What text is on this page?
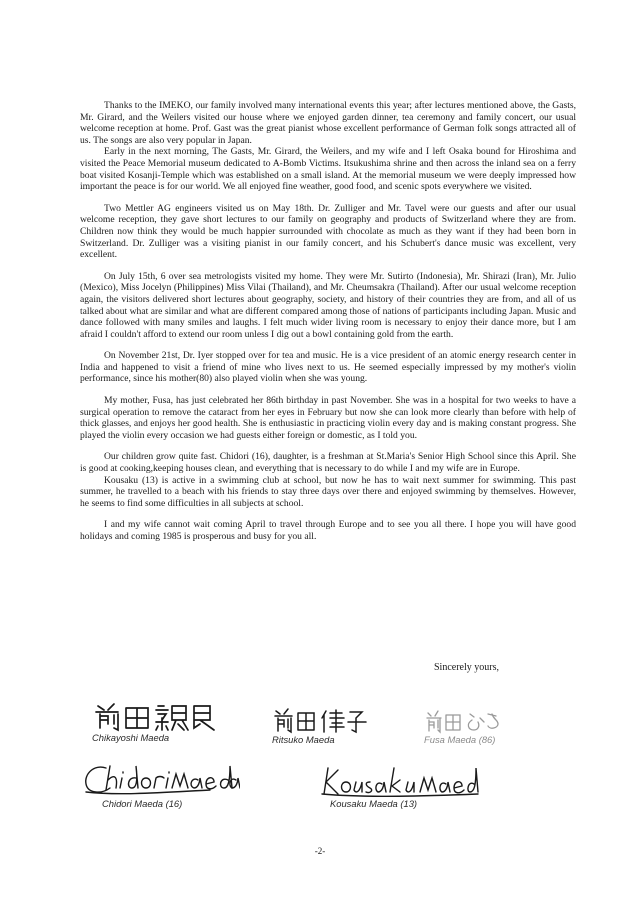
Thanks to the IMEKO, our family involved many international events this year; after lectures mentioned above, the Gasts, Mr. Girard, and the Weilers visited our house where we enjoyed garden dinner, tea ceremony and family concert, our usual welcome reception at home. Prof. Gast was the great pianist whose excellent performance of German folk songs attracted all of us. The songs are also very popular in Japan.

Early in the next morning, The Gasts, Mr. Girard, the Weilers, and my wife and I left Osaka bound for Hiroshima and visited the Peace Memorial museum dedicated to A-Bomb Victims. Itsukushima shrine and then across the inland sea on a ferry boat visited Kosanji-Temple which was established on a small island. At the memorial museum we were deeply impressed how important the peace is for our world. We all enjoyed fine weather, good food, and scenic spots everywhere we visited.

Two Mettler AG engineers visited us on May 18th. Dr. Zulliger and Mr. Tavel were our guests and after our usual welcome reception, they gave short lectures to our family on geography and products of Switzerland where they are from. Children now think they would be much happier surrounded with chocolate as much as they want if they had been born in Switzerland. Dr. Zulliger was a visiting pianist in our family concert, and his Schubert's dance music was excellent, very excellent.

On July 15th, 6 over sea metrologists visited my home. They were Mr. Sutirto (Indonesia), Mr. Shirazi (Iran), Mr. Julio (Mexico), Miss Jocelyn (Philippines) Miss Vilai (Thailand), and Mr. Cheumsakra (Thailand). After our usual welcome reception again, the visitors delivered short lectures about geography, society, and history of their countries they are from, and all of us talked about what are similar and what are different compared among those of nations of participants including Japan. Music and dance followed with many smiles and laughs. I felt much wider living room is necessary to enjoy their dance more, but I am afraid I couldn't afford to extend our room unless I dig out a bowl containing gold from the earth.

On November 21st, Dr. Iyer stopped over for tea and music. He is a vice president of an atomic energy research center in India and happened to visit a friend of mine who lives next to us. He seemed especially impressed by my mother's violin performance, since his mother(80) also played violin when she was young.

My mother, Fusa, has just celebrated her 86th birthday in past November. She was in a hospital for two weeks to have a surgical operation to remove the cataract from her eyes in February but now she can look more clearly than before with help of thick glasses, and enjoys her good health. She is enthusiastic in practicing violin every day and is making constant progress. She played the violin every occasion we had guests either foreign or domestic, as I told you.

Our children grow quite fast. Chidori (16), daughter, is a freshman at St.Maria's Senior High School since this April. She is good at cooking,keeping houses clean, and everything that is necessary to do while I and my wife are in Europe.

Kousaku (13) is active in a swimming club at school, but now he has to wait next summer for swimming. This past summer, he travelled to a beach with his friends to stay three days over there and enjoyed swimming by themselves. However, he seems to find some difficulties in all subjects at school.

I and my wife cannot wait coming April to travel through Europe and to see you all there. I hope you will have good holidays and coming 1985 is prosperous and busy for you all.

Sincerely yours,
Chikayoshi Maeda	Ritsuko Maeda	Fusa Maeda (86)
Chidori Maeda (16)	Kousaku Maeda (13)
-2-
